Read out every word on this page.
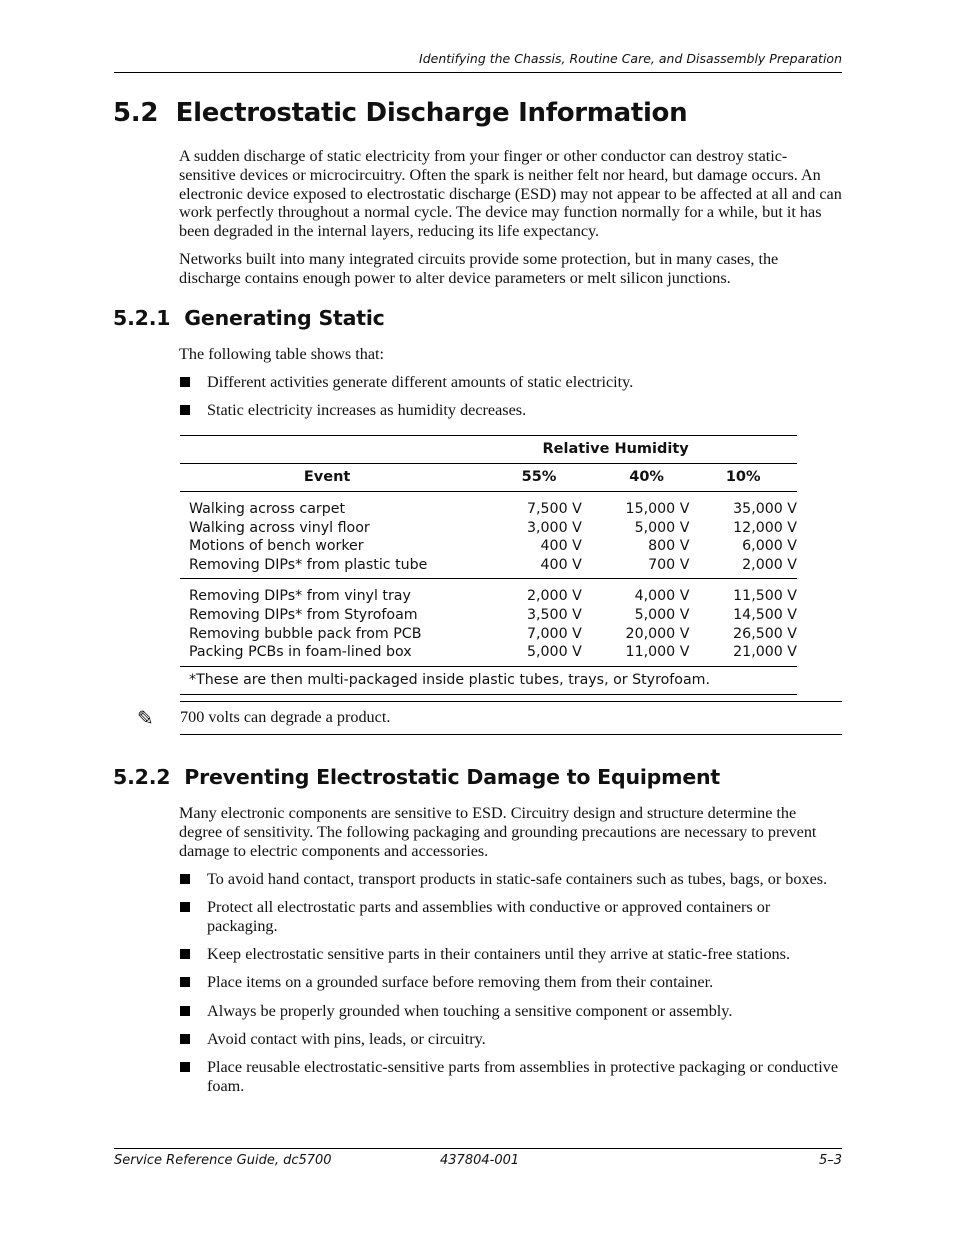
Identifying the Chassis, Routine Care, and Disassembly Preparation
5.2  Electrostatic Discharge Information

A sudden discharge of static electricity from your finger or other conductor can destroy static-sensitive devices or microcircuitry. Often the spark is neither felt nor heard, but damage occurs. An electronic device exposed to electrostatic discharge (ESD) may not appear to be affected at all and can work perfectly throughout a normal cycle. The device may function normally for a while, but it has been degraded in the internal layers, reducing its life expectancy.

Networks built into many integrated circuits provide some protection, but in many cases, the discharge contains enough power to alter device parameters or melt silicon junctions.

5.2.1  Generating Static

The following table shows that:

Different activities generate different amounts of static electricity.
Static electricity increases as humidity decreases.
	Relative Humidity		
Event	55%	40%	10%
Walking across carpet	7,500 V	15,000 V	35,000 V
Walking across vinyl floor	3,000 V	5,000 V	12,000 V
Motions of bench worker	400 V	800 V	6,000 V
Removing DIPs* from plastic tube	400 V	700 V	2,000 V
Removing DIPs* from vinyl tray	2,000 V	4,000 V	11,500 V
Removing DIPs* from Styrofoam	3,500 V	5,000 V	14,500 V
Removing bubble pack from PCB	7,000 V	20,000 V	26,500 V
Packing PCBs in foam-lined box	5,000 V	11,000 V	21,000 V
*These are then multi-packaged inside plastic tubes, trays, or Styrofoam.			
✎ 700 volts can degrade a product.
5.2.2  Preventing Electrostatic Damage to Equipment

Many electronic components are sensitive to ESD. Circuitry design and structure determine the degree of sensitivity. The following packaging and grounding precautions are necessary to prevent damage to electric components and accessories.

To avoid hand contact, transport products in static-safe containers such as tubes, bags, or boxes.
Protect all electrostatic parts and assemblies with conductive or approved containers or packaging.
Keep electrostatic sensitive parts in their containers until they arrive at static-free stations.
Place items on a grounded surface before removing them from their container.
Always be properly grounded when touching a sensitive component or assembly.
Avoid contact with pins, leads, or circuitry.
Place reusable electrostatic-sensitive parts from assemblies in protective packaging or conductive foam.
Service Reference Guide, dc5700	437804-001	5–3
